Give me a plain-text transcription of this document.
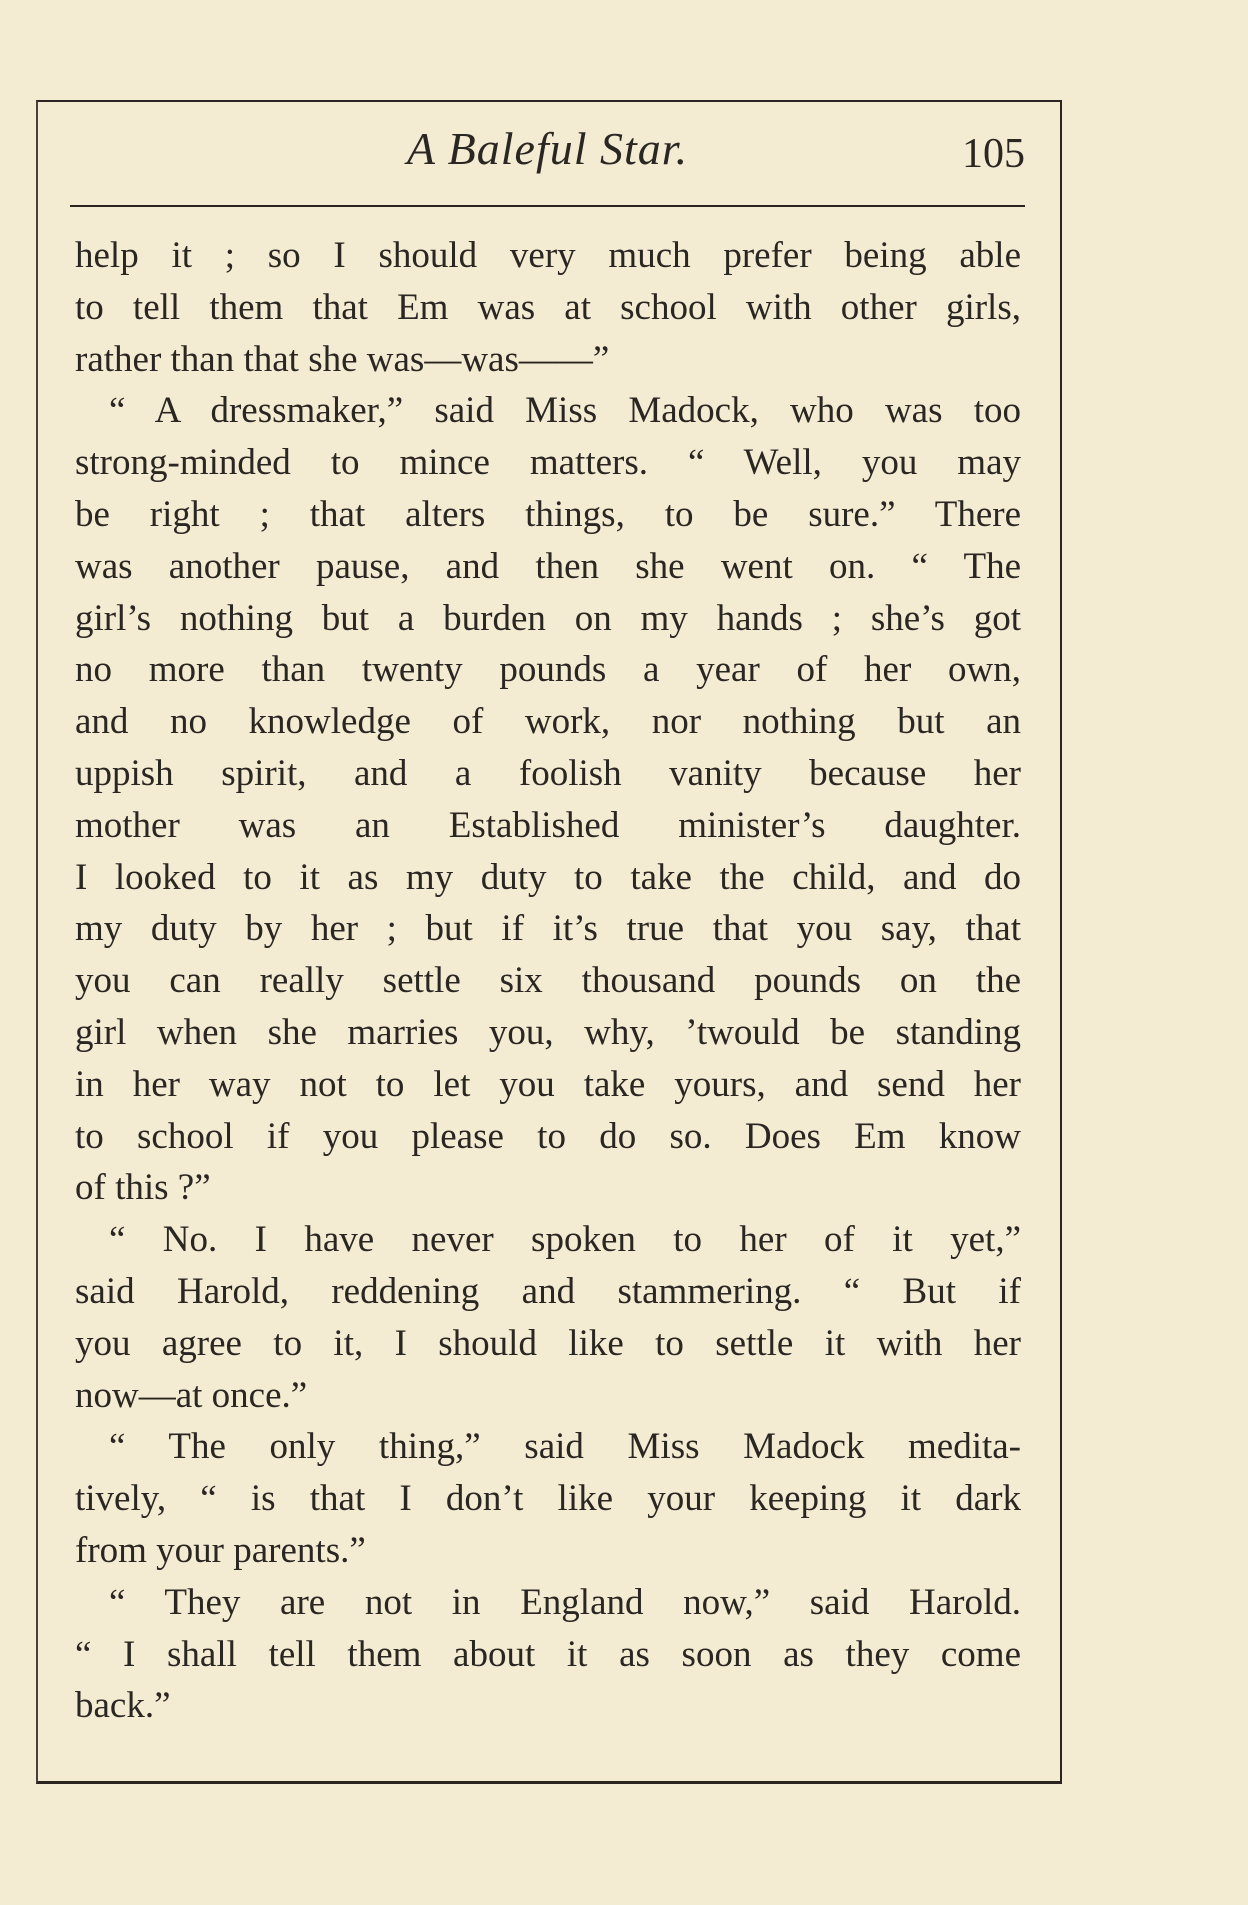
A Baleful Star.	105
help it ; so I should very much prefer being able
to tell them that Em was at school with other girls,
rather than that she was—was——”
“ A dressmaker,” said Miss Madock, who was too
strong-minded to mince matters. “ Well, you may
be right ; that alters things, to be sure.” There
was another pause, and then she went on. “ The
girl’s nothing but a burden on my hands ; she’s got
no more than twenty pounds a year of her own,
and no knowledge of work, nor nothing but an
uppish spirit, and a foolish vanity because her
mother was an Established minister’s daughter.
I looked to it as my duty to take the child, and do
my duty by her ; but if it’s true that you say, that
you can really settle six thousand pounds on the
girl when she marries you, why, ’twould be standing
in her way not to let you take yours, and send her
to school if you please to do so. Does Em know
of this ?”
“ No. I have never spoken to her of it yet,”
said Harold, reddening and stammering. “ But if
you agree to it, I should like to settle it with her
now—at once.”
“ The only thing,” said Miss Madock medita-
tively, “ is that I don’t like your keeping it dark
from your parents.”
“ They are not in England now,” said Harold.
“ I shall tell them about it as soon as they come
back.”
